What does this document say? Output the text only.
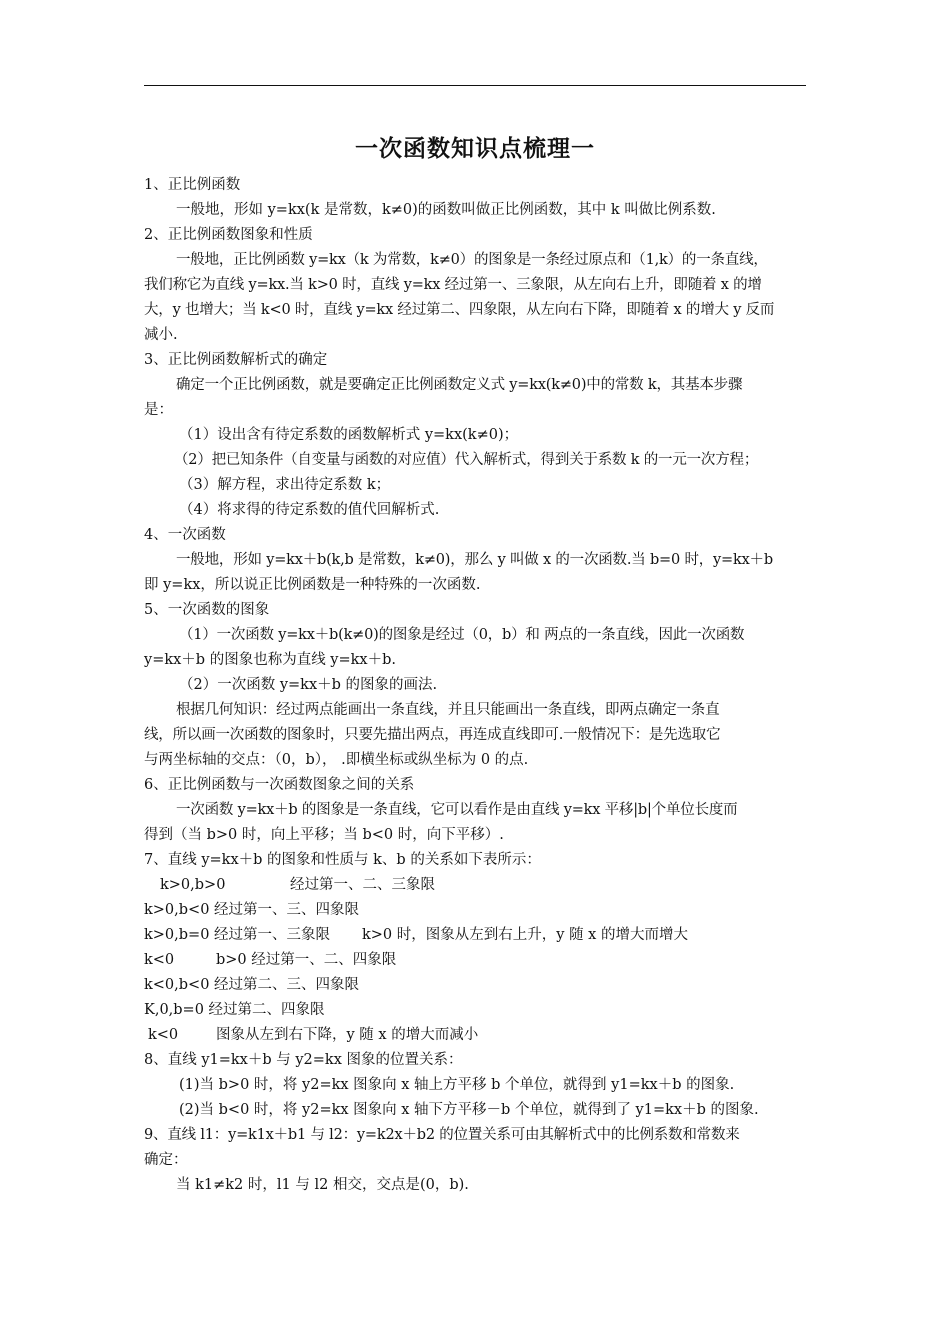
一次函数知识点梳理一
1、正比例函数
一般地，形如 y=kx(k 是常数，k≠0)的函数叫做正比例函数，其中 k 叫做比例系数.
2、正比例函数图象和性质
一般地，正比例函数 y=kx（k 为常数，k≠0）的图象是一条经过原点和（1,k）的一条直线，
我们称它为直线 y=kx.当 k>0 时，直线 y=kx 经过第一、三象限，从左向右上升，即随着 x 的增
大，y 也增大；当 k<0 时，直线 y=kx 经过第二、四象限，从左向右下降，即随着 x 的增大 y 反而
减小.
3、正比例函数解析式的确定
确定一个正比例函数，就是要确定正比例函数定义式 y=kx(k≠0)中的常数 k，其基本步骤
是：
（1）设出含有待定系数的函数解析式 y=kx(k≠0)；
（2）把已知条件（自变量与函数的对应值）代入解析式，得到关于系数 k 的一元一次方程；
（3）解方程，求出待定系数 k；
（4）将求得的待定系数的值代回解析式.
4、一次函数
一般地，形如 y=kx＋b(k,b 是常数，k≠0)，那么 y 叫做 x 的一次函数.当 b=0 时，y=kx＋b
即 y=kx，所以说正比例函数是一种特殊的一次函数.
5、一次函数的图象
（1）一次函数 y=kx＋b(k≠0)的图象是经过（0，b）和 两点的一条直线，因此一次函数
y=kx＋b 的图象也称为直线 y=kx＋b.
（2）一次函数 y=kx＋b 的图象的画法.
根据几何知识：经过两点能画出一条直线，并且只能画出一条直线，即两点确定一条直
线，所以画一次函数的图象时，只要先描出两点，再连成直线即可.一般情况下：是先选取它
与两坐标轴的交点：（0，b）， .即横坐标或纵坐标为 0 的点.
6、正比例函数与一次函数图象之间的关系
一次函数 y=kx＋b 的图象是一条直线，它可以看作是由直线 y=kx 平移|b|个单位长度而
得到（当 b>0 时，向上平移；当 b<0 时，向下平移）.
7、直线 y=kx＋b 的图象和性质与 k、b 的关系如下表所示：
k>0,b>0	经过第一、二、三象限
k>0,b<0 经过第一、三、四象限
k>0,b=0 经过第一、三象限	k>0 时，图象从左到右上升，y 随 x 的增大而增大
k<0	b>0 经过第一、二、四象限
k<0,b<0 经过第二、三、四象限
K,0,b=0 经过第二、四象限
k<0	图象从左到右下降，y 随 x 的增大而减小
8、直线 y1=kx＋b 与 y2=kx 图象的位置关系：
(1)当 b>0 时，将 y2=kx 图象向 x 轴上方平移 b 个单位，就得到 y1=kx＋b 的图象.
(2)当 b<0 时，将 y2=kx 图象向 x 轴下方平移－b 个单位，就得到了 y1=kx＋b 的图象.
9、直线 l1：y=k1x＋b1 与 l2：y=k2x＋b2 的位置关系可由其解析式中的比例系数和常数来
确定：
当 k1≠k2 时，l1 与 l2 相交，交点是(0，b).
